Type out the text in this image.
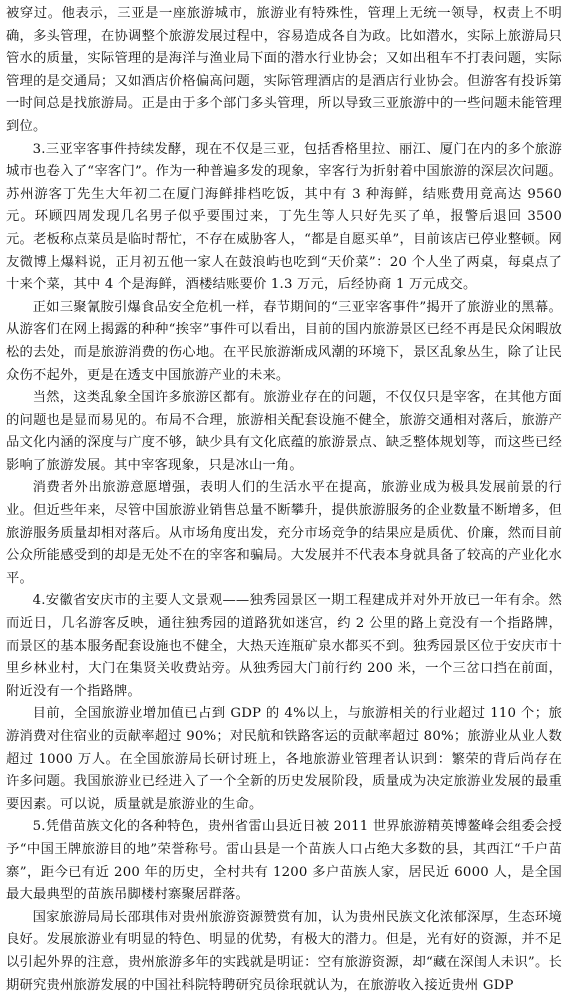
被穿过。他表示，三亚是一座旅游城市，旅游业有特殊性，管理上无统一领导，权责上不明确，多头管理，在协调整个旅游发展过程中，容易造成各自为政。比如潜水，实际上旅游局只管水的质量，实际管理的是海洋与渔业局下面的潜水行业协会；又如出租车不打表问题，实际管理的是交通局；又如酒店价格偏高问题，实际管理酒店的是酒店行业协会。但游客有投诉第一时间总是找旅游局。正是由于多个部门多头管理，所以导致三亚旅游中的一些问题未能管理到位。

3.三亚宰客事件持续发酵，现在不仅是三亚，包括香格里拉、丽江、厦门在内的多个旅游城市也卷入了“宰客门”。作为一种普遍多发的现象，宰客行为折射着中国旅游的深层次问题。苏州游客丁先生大年初二在厦门海鲜排档吃饭，其中有 3 种海鲜，结账费用竟高达 9560 元。环顾四周发现几名男子似乎要围过来，丁先生等人只好先买了单，报警后退回 3500 元。老板称点菜员是临时帮忙，不存在威胁客人，“都是自愿买单”，目前该店已停业整顿。网友微博上爆料说，正月初五他一家人在鼓浪屿也吃到“天价菜”：20 个人坐了两桌，每桌点了十来个菜，其中 4 个是海鲜，酒楼结账要价 1.3 万元，后经协商 1 万元成交。

正如三聚氰胺引爆食品安全危机一样，春节期间的“三亚宰客事件”揭开了旅游业的黑幕。从游客们在网上揭露的种种“挨宰”事件可以看出，目前的国内旅游景区已经不再是民众闲暇放松的去处，而是旅游消费的伤心地。在平民旅游渐成风潮的环境下，景区乱象丛生，除了让民众伤不起外，更是在透支中国旅游产业的未来。

当然，这类乱象全国许多旅游区都有。旅游业存在的问题，不仅仅只是宰客，在其他方面的问题也是显而易见的。布局不合理，旅游相关配套设施不健全，旅游交通相对落后，旅游产品文化内涵的深度与广度不够，缺少具有文化底蕴的旅游景点、缺乏整体规划等，而这些已经影响了旅游发展。其中宰客现象，只是冰山一角。

消费者外出旅游意愿增强，表明人们的生活水平在提高，旅游业成为极具发展前景的行业。但近些年来，尽管中国旅游业销售总量不断攀升，提供旅游服务的企业数量不断增多，但旅游服务质量却相对落后。从市场角度出发，充分市场竞争的结果应是质优、价廉，然而目前公众所能感受到的却是无处不在的宰客和骗局。大发展并不代表本身就具备了较高的产业化水平。

4.安徽省安庆市的主要人文景观——独秀园景区一期工程建成并对外开放已一年有余。然而近日，几名游客反映，通往独秀园的道路犹如迷宫，约 2 公里的路上竟没有一个指路牌，而景区的基本服务配套设施也不健全，大热天连瓶矿泉水都买不到。独秀园景区位于安庆市十里乡林业村，大门在集贤关收费站旁。从独秀园大门前行约 200 米，一个三岔口挡在前面，附近没有一个指路牌。

目前，全国旅游业增加值已占到 GDP 的 4%以上，与旅游相关的行业超过 110 个；旅游消费对住宿业的贡献率超过 90%；对民航和铁路客运的贡献率超过 80%；旅游业从业人数超过 1000 万人。在全国旅游局长研讨班上，各地旅游业管理者认识到：繁荣的背后尚存在许多问题。我国旅游业已经进入了一个全新的历史发展阶段，质量成为决定旅游业发展的最重要因素。可以说，质量就是旅游业的生命。

5.凭借苗族文化的各种特色，贵州省雷山县近日被 2011 世界旅游精英博鳌峰会组委会授予“中国王牌旅游目的地”荣誉称号。雷山县是一个苗族人口占绝大多数的县，其西江“千户苗寨”，距今已有近 200 年的历史，全村共有 1200 多户苗族人家，居民近 6000 人，是全国最大最典型的苗族吊脚楼村寨聚居群落。

国家旅游局局长邵琪伟对贵州旅游资源赞赏有加，认为贵州民族文化浓郁深厚，生态环境良好。发展旅游业有明显的特色、明显的优势，有极大的潜力。但是，光有好的资源，并不足以引起外界的注意，贵州旅游多年的实践就是明证：空有旅游资源，却“藏在深闺人未识”。长期研究贵州旅游发展的中国社科院特聘研究员徐珉就认为，在旅游收入接近贵州 GDP
